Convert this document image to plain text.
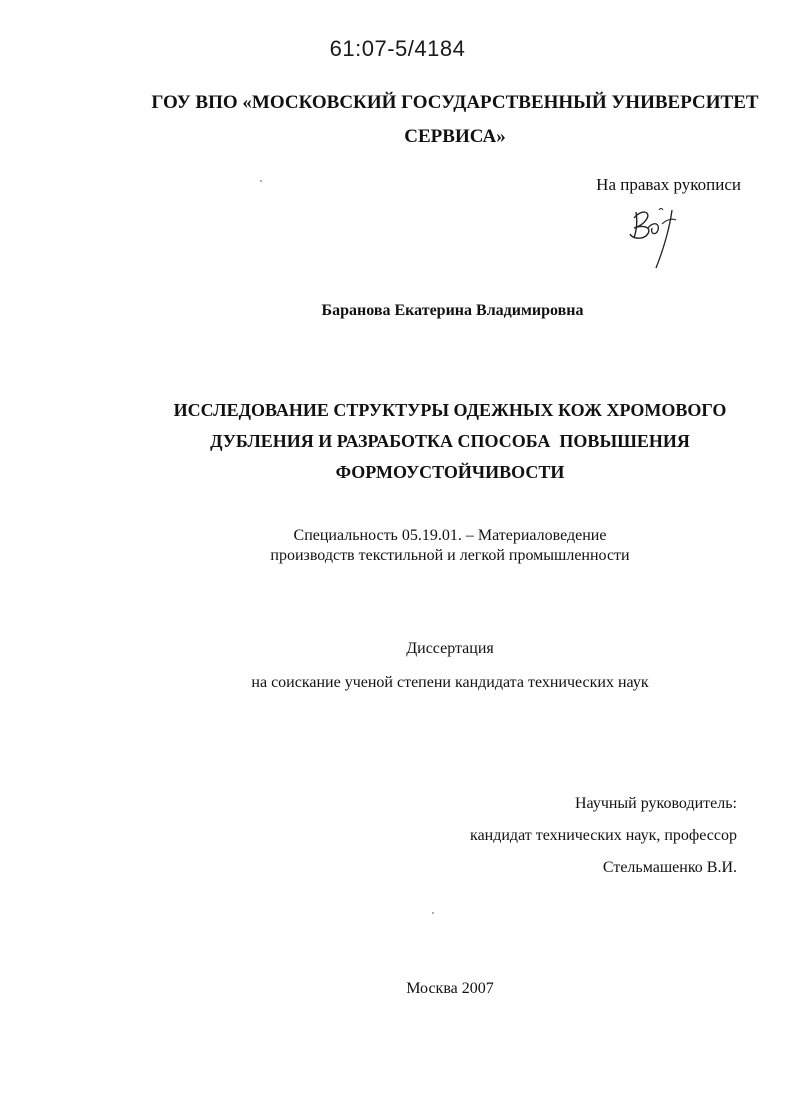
61:07-5/4184
ГОУ ВПО «МОСКОВСКИЙ ГОСУДАРСТВЕННЫЙ УНИВЕРСИТЕТ
СЕРВИСА»
На правах рукописи
Баранова Екатерина Владимировна
ИССЛЕДОВАНИЕ СТРУКТУРЫ ОДЕЖНЫХ КОЖ ХРОМОВОГО
ДУБЛЕНИЯ И РАЗРАБОТКА СПОСОБА  ПОВЫШЕНИЯ
ФОРМОУСТОЙЧИВОСТИ
Специальность 05.19.01. – Материаловедение
производств текстильной и легкой промышленности
Диссертация
на соискание ученой степени кандидата технических наук
Научный руководитель:
кандидат технических наук, профессор
Стельмашенко В.И.
Москва 2007
